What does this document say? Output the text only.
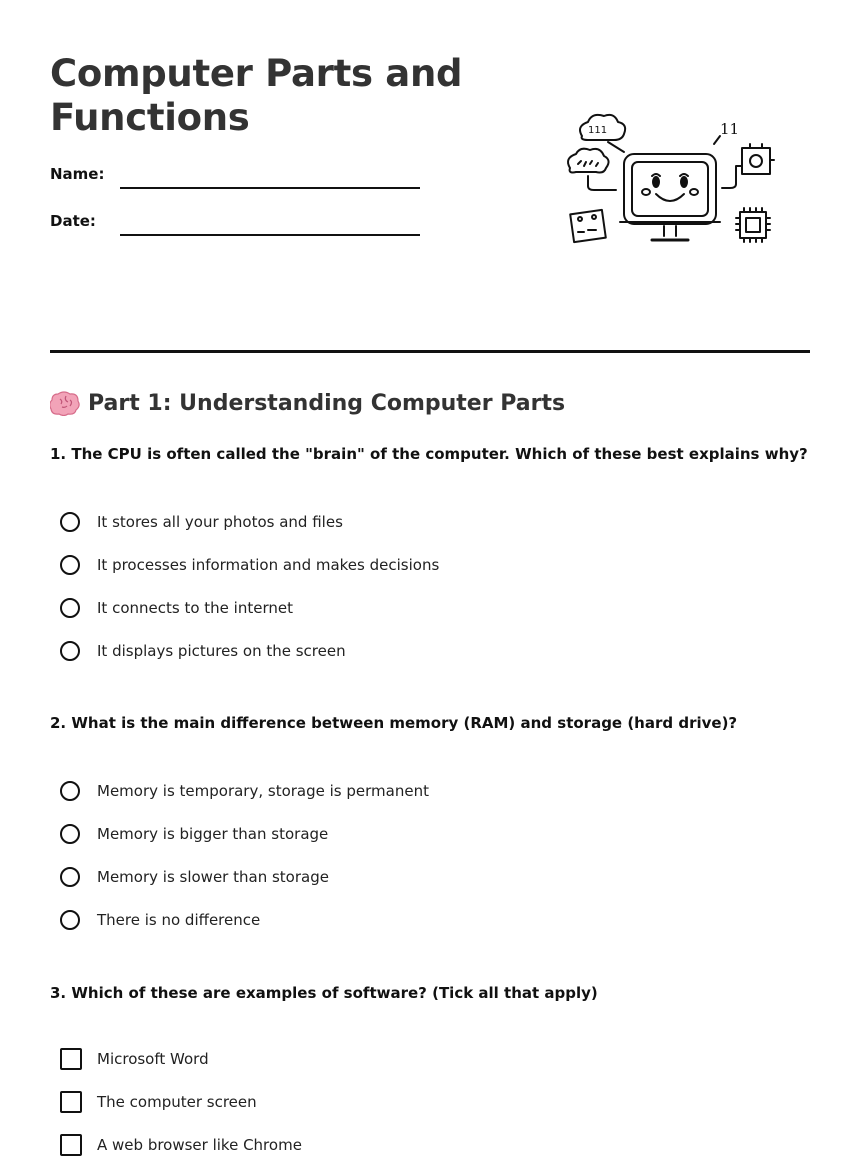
Computer Parts and Functions
Name:
Date:
111	11
Part 1: Understanding Computer Parts
1. The CPU is often called the "brain" of the computer. Which of these best explains why?
It stores all your photos and files
It processes information and makes decisions
It connects to the internet
It displays pictures on the screen
2. What is the main difference between memory (RAM) and storage (hard drive)?
Memory is temporary, storage is permanent
Memory is bigger than storage
Memory is slower than storage
There is no difference
3. Which of these are examples of software? (Tick all that apply)
Microsoft Word
The computer screen
A web browser like Chrome
